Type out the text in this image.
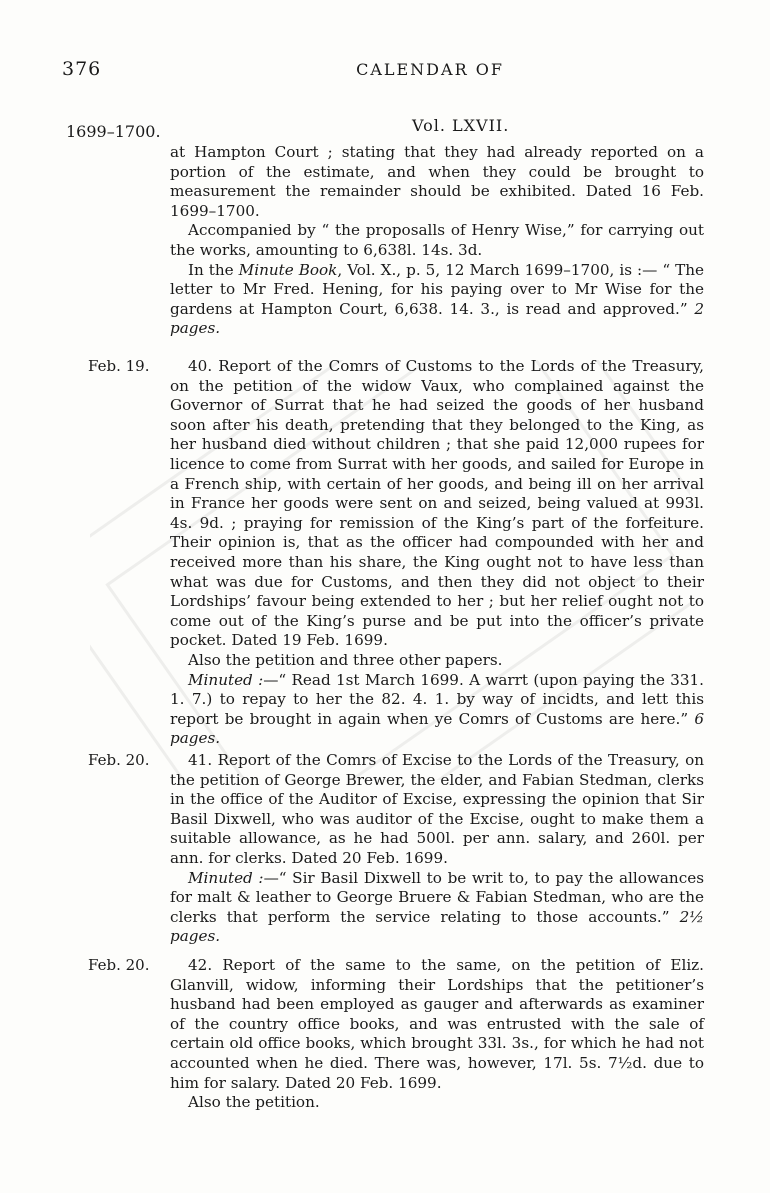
376	CALENDAR OF
Vol. LXVII.
1699–1700.

at Hampton Court ; stating that they had already reported on a portion of the estimate, and when they could be brought to measurement the remainder should be exhibited. Dated 16 Feb. 1699–1700.

Accompanied by “ the proposalls of Henry Wise,” for carrying out the works, amounting to 6,638l. 14s. 3d.

In the Minute Book, Vol. X., p. 5, 12 March 1699–1700, is :— “ The letter to Mr Fred. Hening, for his paying over to Mr Wise for the gardens at Hampton Court, 6,638. 14. 3., is read and approved.” 2 pages.

Feb. 19.	40. Report of the Comrs of Customs to the Lords of the Treasury, on the petition of the widow Vaux, who complained against the Governor of Surrat that he had seized the goods of her husband soon after his death, pretending that they belonged to the King, as her husband died without children ; that she paid 12,000 rupees for licence to come from Surrat with her goods, and sailed for Europe in a French ship, with certain of her goods, and being ill on her arrival in France her goods were sent on and seized, being valued at 993l. 4s. 9d. ; praying for remission of the King’s part of the forfeiture. Their opinion is, that as the officer had compounded with her and received more than his share, the King ought not to have less than what was due for Customs, and then they did not object to their Lordships’ favour being extended to her ; but her relief ought not to come out of the King’s purse and be put into the officer’s private pocket. Dated 19 Feb. 1699.

Also the petition and three other papers.

Minuted :—“ Read 1st March 1699. A warrt (upon paying the 331. 1. 7.) to repay to her the 82. 4. 1. by way of incidts, and lett this report be brought in again when ye Comrs of Customs are here.” 6 pages.

Feb. 20.	41. Report of the Comrs of Excise to the Lords of the Treasury, on the petition of George Brewer, the elder, and Fabian Stedman, clerks in the office of the Auditor of Excise, expressing the opinion that Sir Basil Dixwell, who was auditor of the Excise, ought to make them a suitable allowance, as he had 500l. per ann. salary, and 260l. per ann. for clerks. Dated 20 Feb. 1699.

Minuted :—“ Sir Basil Dixwell to be writ to, to pay the allowances for malt & leather to George Bruere & Fabian Stedman, who are the clerks that perform the service relating to those accounts.” 2½ pages.

Feb. 20.	42. Report of the same to the same, on the petition of Eliz. Glanvill, widow, informing their Lordships that the petitioner’s husband had been employed as gauger and afterwards as examiner of the country office books, and was entrusted with the sale of certain old office books, which brought 33l. 3s., for which he had not accounted when he died. There was, however, 17l. 5s. 7½d. due to him for salary. Dated 20 Feb. 1699.

Also the petition.
